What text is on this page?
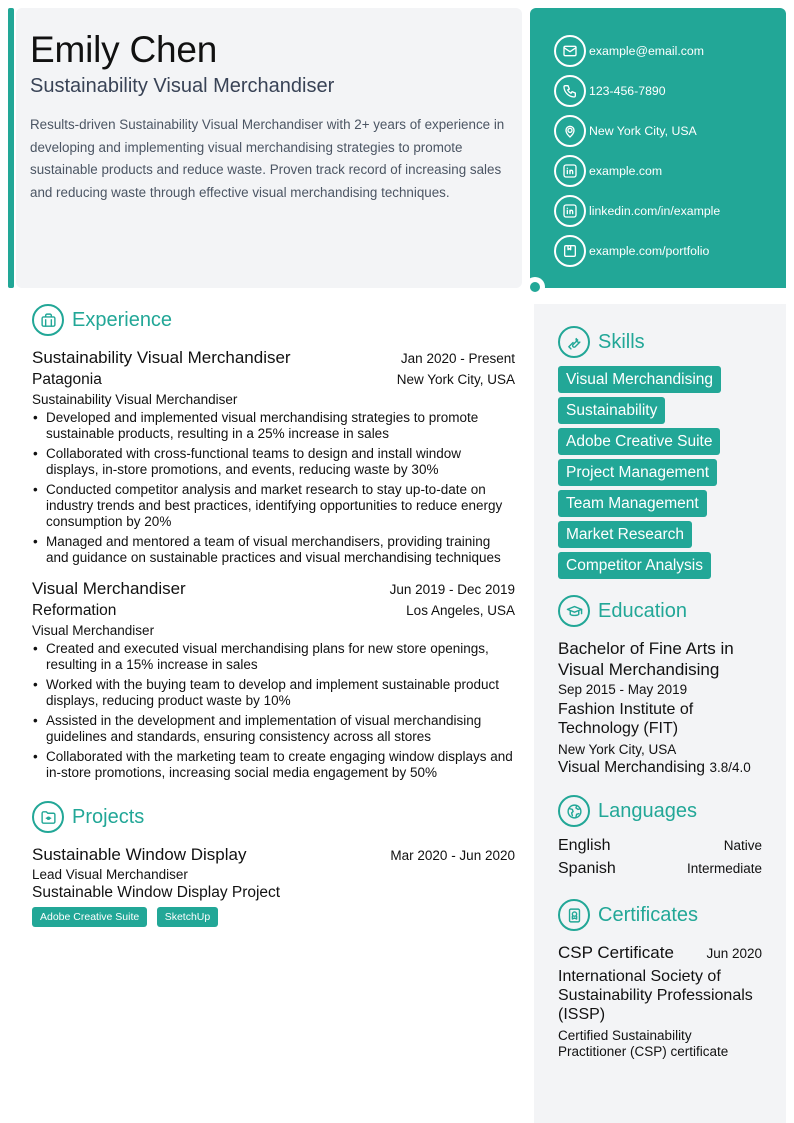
Emily Chen
Sustainability Visual Merchandiser
Results-driven Sustainability Visual Merchandiser with 2+ years of experience in developing and implementing visual merchandising strategies to promote sustainable products and reduce waste. Proven track record of increasing sales and reducing waste through effective visual merchandising techniques.
example@email.com
123-456-7890
New York City, USA
example.com
linkedin.com/in/example
example.com/portfolio
Experience
Sustainability Visual Merchandiser	Jan 2020 - Present
Patagonia	New York City, USA
Sustainability Visual Merchandiser
• Developed and implemented visual merchandising strategies to promote sustainable products, resulting in a 25% increase in sales
• Collaborated with cross-functional teams to design and install window displays, in-store promotions, and events, reducing waste by 30%
• Conducted competitor analysis and market research to stay up-to-date on industry trends and best practices, identifying opportunities to reduce energy consumption by 20%
• Managed and mentored a team of visual merchandisers, providing training and guidance on sustainable practices and visual merchandising techniques
Visual Merchandiser	Jun 2019 - Dec 2019
Reformation	Los Angeles, USA
Visual Merchandiser
• Created and executed visual merchandising plans for new store openings, resulting in a 15% increase in sales
• Worked with the buying team to develop and implement sustainable product displays, reducing product waste by 10%
• Assisted in the development and implementation of visual merchandising guidelines and standards, ensuring consistency across all stores
• Collaborated with the marketing team to create engaging window displays and in-store promotions, increasing social media engagement by 50%
Projects
Sustainable Window Display	Mar 2020 - Jun 2020
Lead Visual Merchandiser
Sustainable Window Display Project
Adobe Creative Suite SketchUp
Skills
Visual Merchandising
Sustainability
Adobe Creative Suite
Project Management
Team Management
Market Research
Competitor Analysis
Education
Bachelor of Fine Arts in Visual Merchandising
Sep 2015 - May 2019
Fashion Institute of Technology (FIT)
New York City, USA
Visual Merchandising 3.8/4.0
Languages
English	Native
Spanish	Intermediate
Certificates
CSP Certificate Jun 2020
International Society of Sustainability Professionals (ISSP)
Certified Sustainability Practitioner (CSP) certificate
